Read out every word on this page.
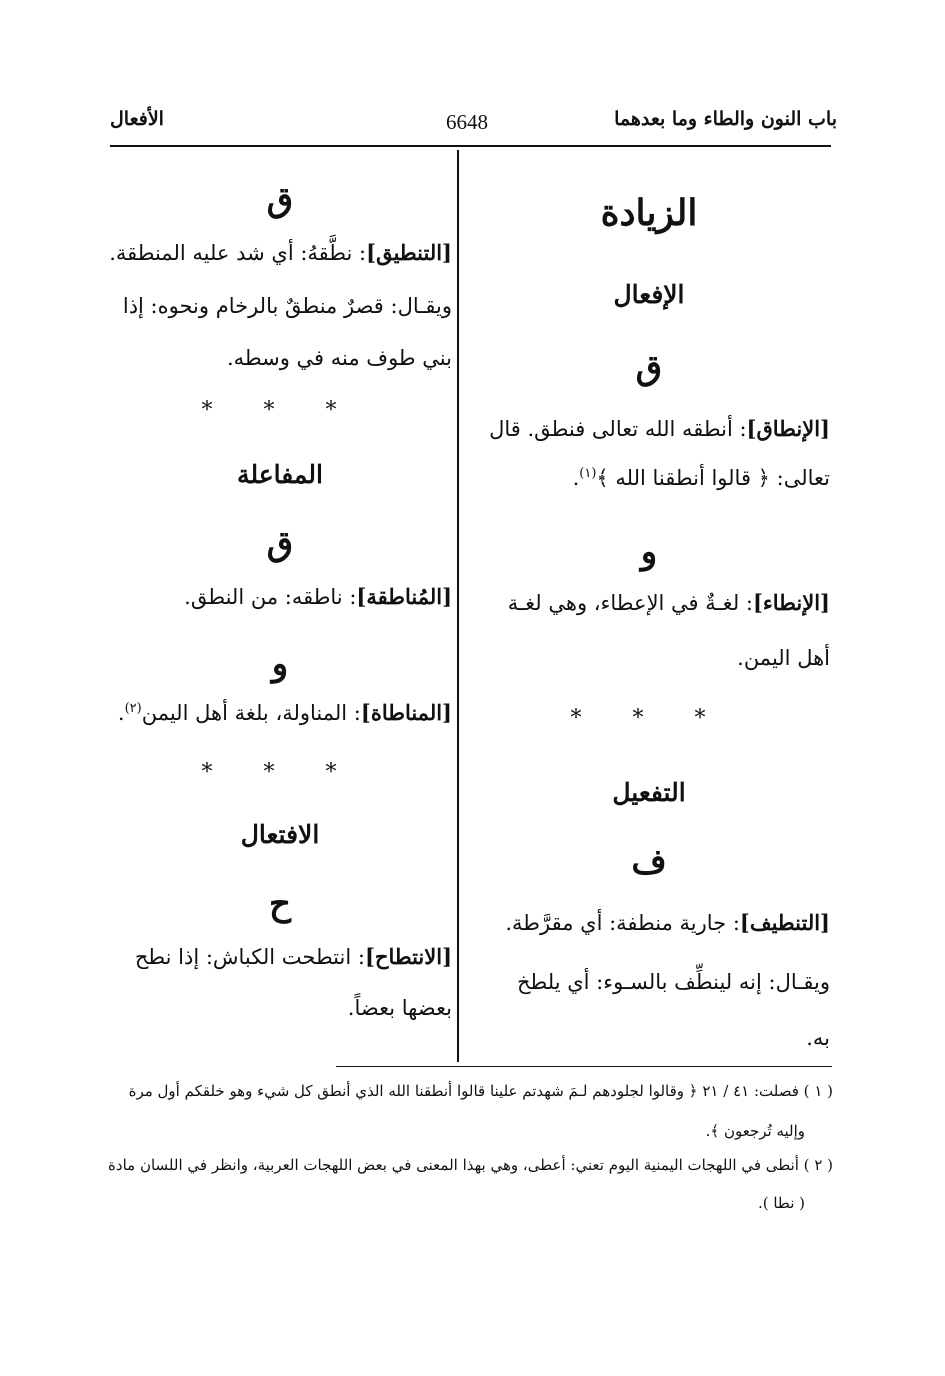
باب النون والطاء وما بعدهما
6648
الأفعال
الزيادة
الإفعال
ق
[الإنطاق]: أنطقه الله تعالى فنطق. قال
تعالى: ﴿ قالوا أنطقنا الله ﴾$^{(١)}$.
و
[الإنطاء]: لغـةٌ في الإعطاء، وهي لغـة
أهل اليمن.
* * *
التفعيل
ف
[التنطيف]: جارية منطفة: أي مقرَّطة.
ويقـال: إنه لينطِّف بالسـوء: أي يلطخ
به.
ق
[التنطيق]: نطَّقهُ: أي شد عليه المنطقة.
ويقـال: قصرٌ منطقٌ بالرخام ونحوه: إذا
بني طوف منه في وسطه.
* * *
المفاعلة
ق
[المُناطقة]: ناطقه: من النطق.
و
[المناطاة]: المناولة، بلغة أهل اليمن$^{(٢)}$.
* * *
الافتعال
ح
[الانتطاح]: انتطحت الكباش: إذا نطح
بعضها بعضاً.
( ١ ) فصلت: ٤١ / ٢١ ﴿ وقالوا لجلودهم لـمَ شهدتم علينا قالوا أنطقنا الله الذي أنطق كل شيء وهو خلقكم أول مرة
وإليه تُرجعون ﴾.
( ٢ ) أنطى في اللهجات اليمنية اليوم تعني: أعطى، وهي بهذا المعنى في بعض اللهجات العربية، وانظر في اللسان مادة
( نطا ).
